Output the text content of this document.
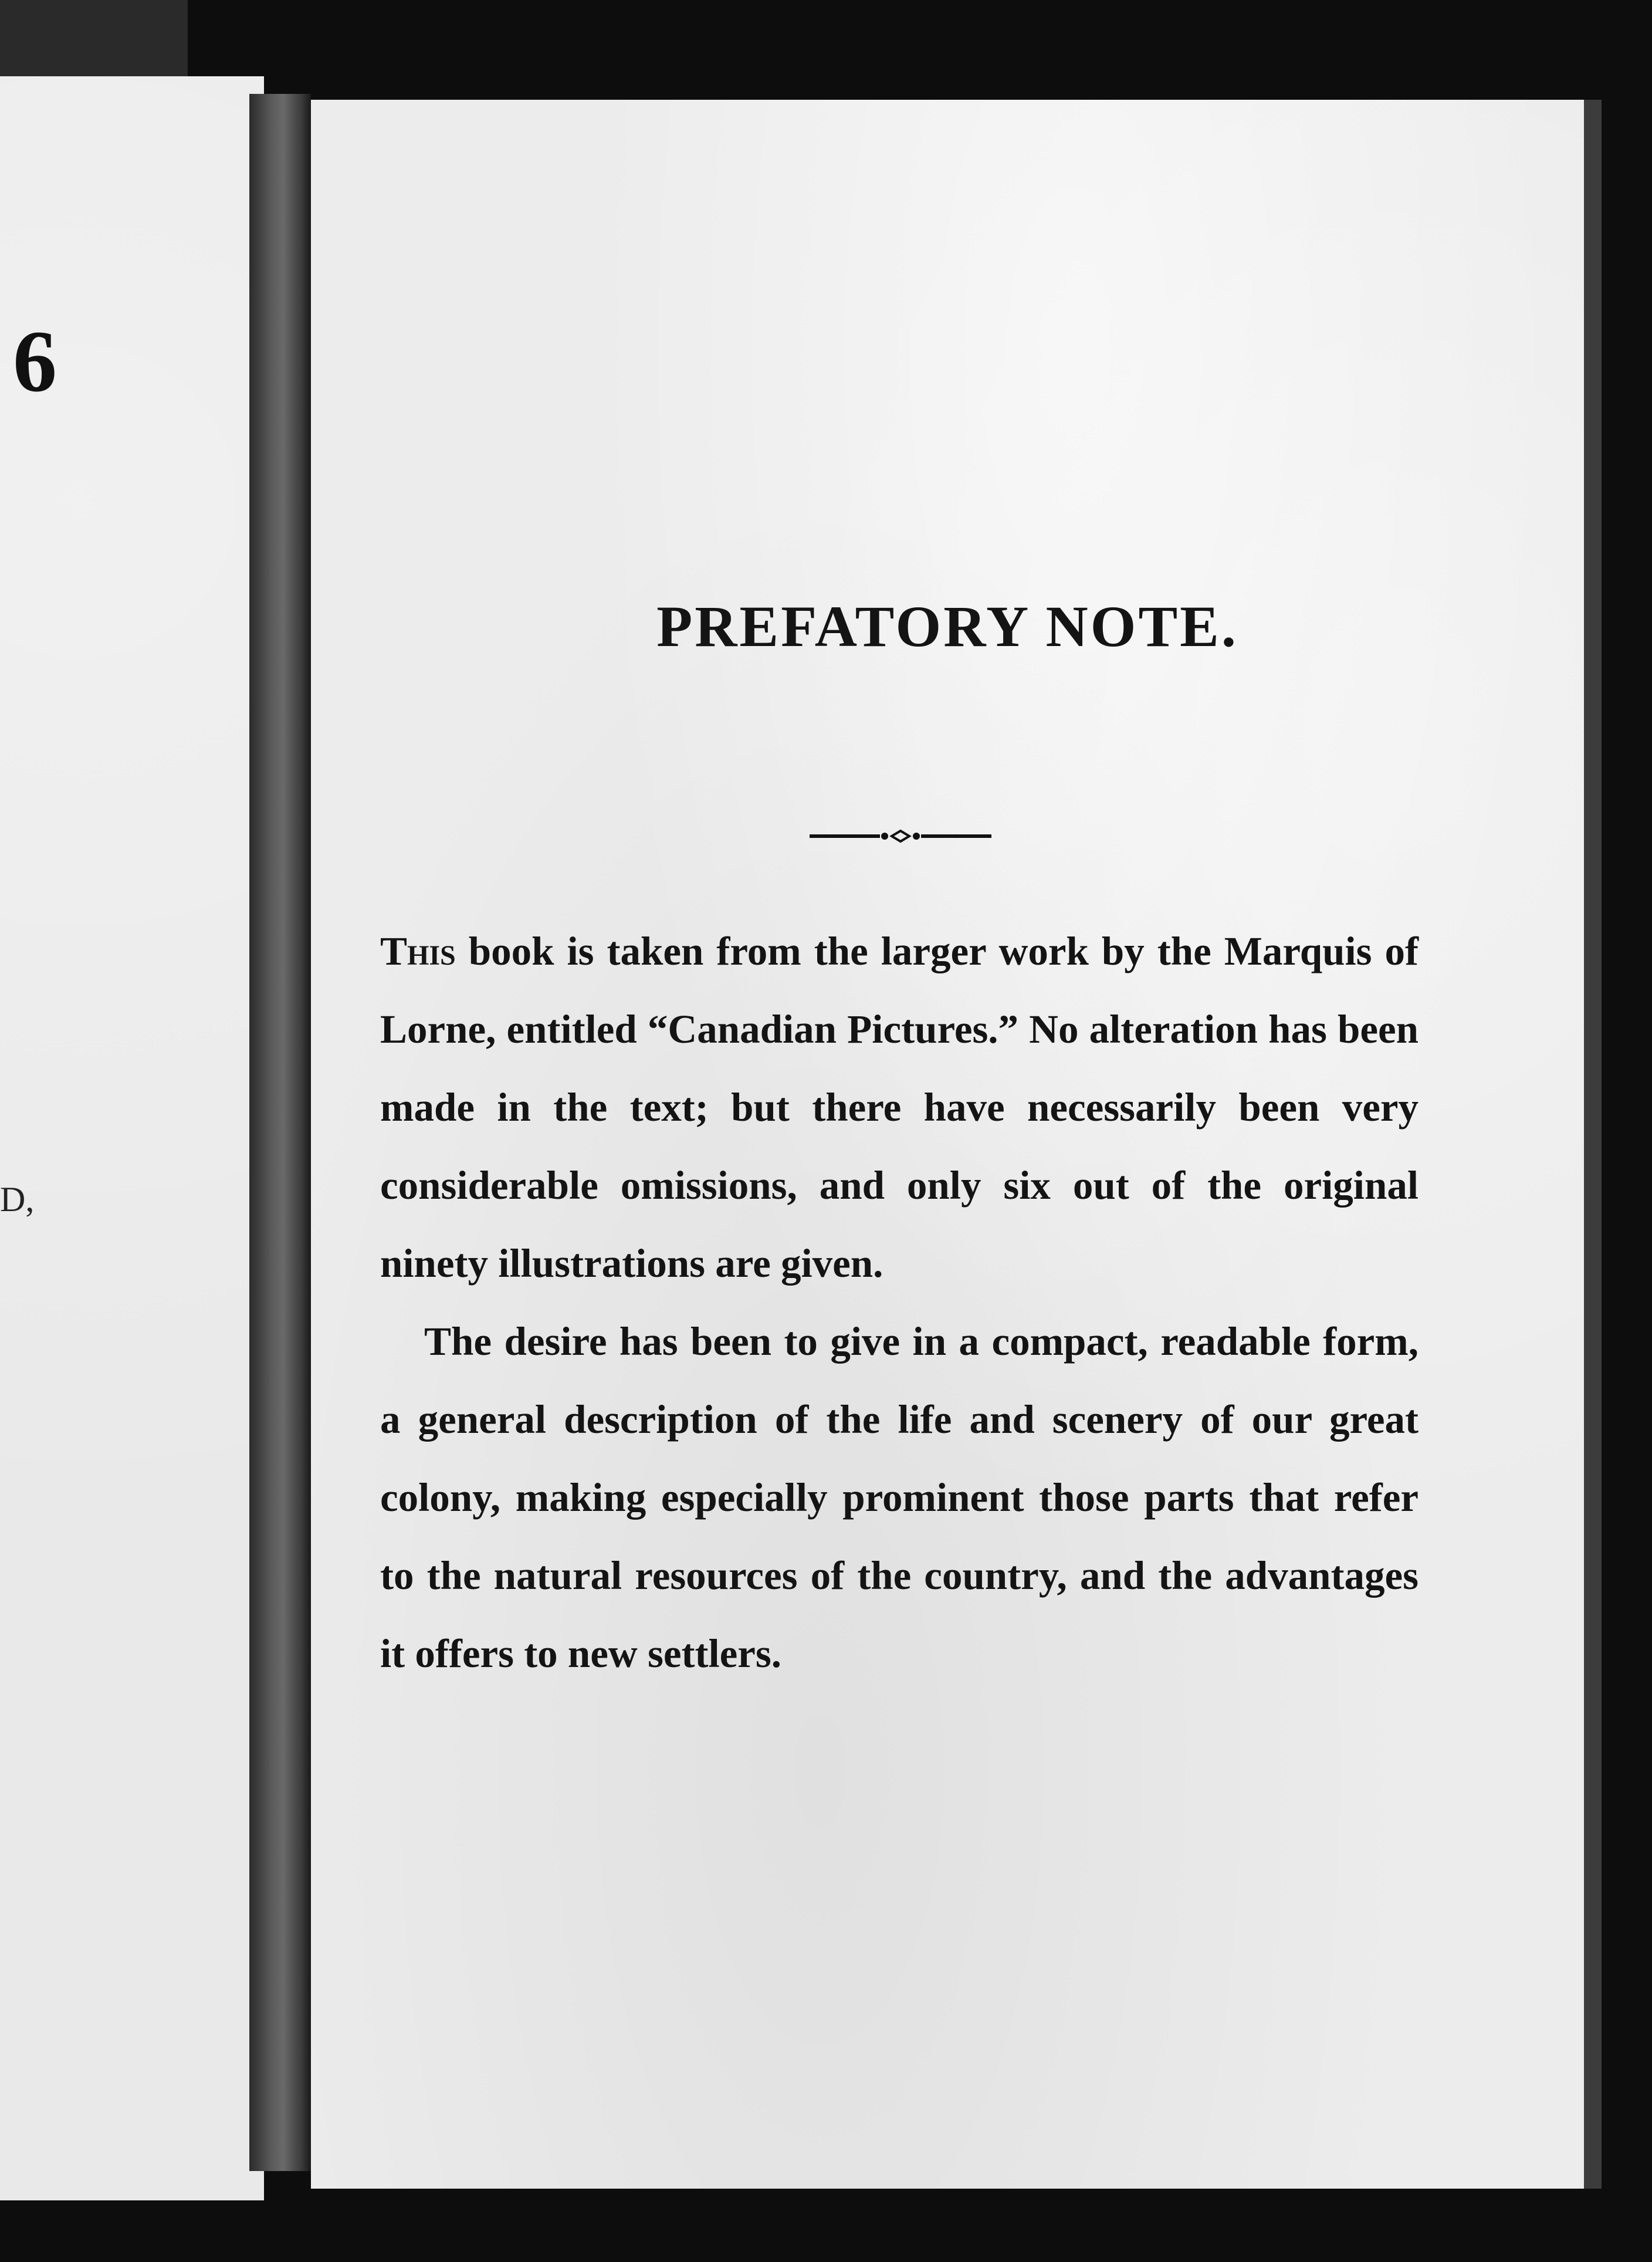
6
D,
PREFATORY NOTE.

This book is taken from the larger work by the Marquis of Lorne, entitled “Canadian Pictures.” No alteration has been made in the text; but there have necessarily been very considerable omissions, and only six out of the original ninety illustrations are given.

The desire has been to give in a compact, readable form, a general description of the life and scenery of our great colony, making especially prominent those parts that refer to the natural resources of the country, and the advantages it offers to new settlers.
